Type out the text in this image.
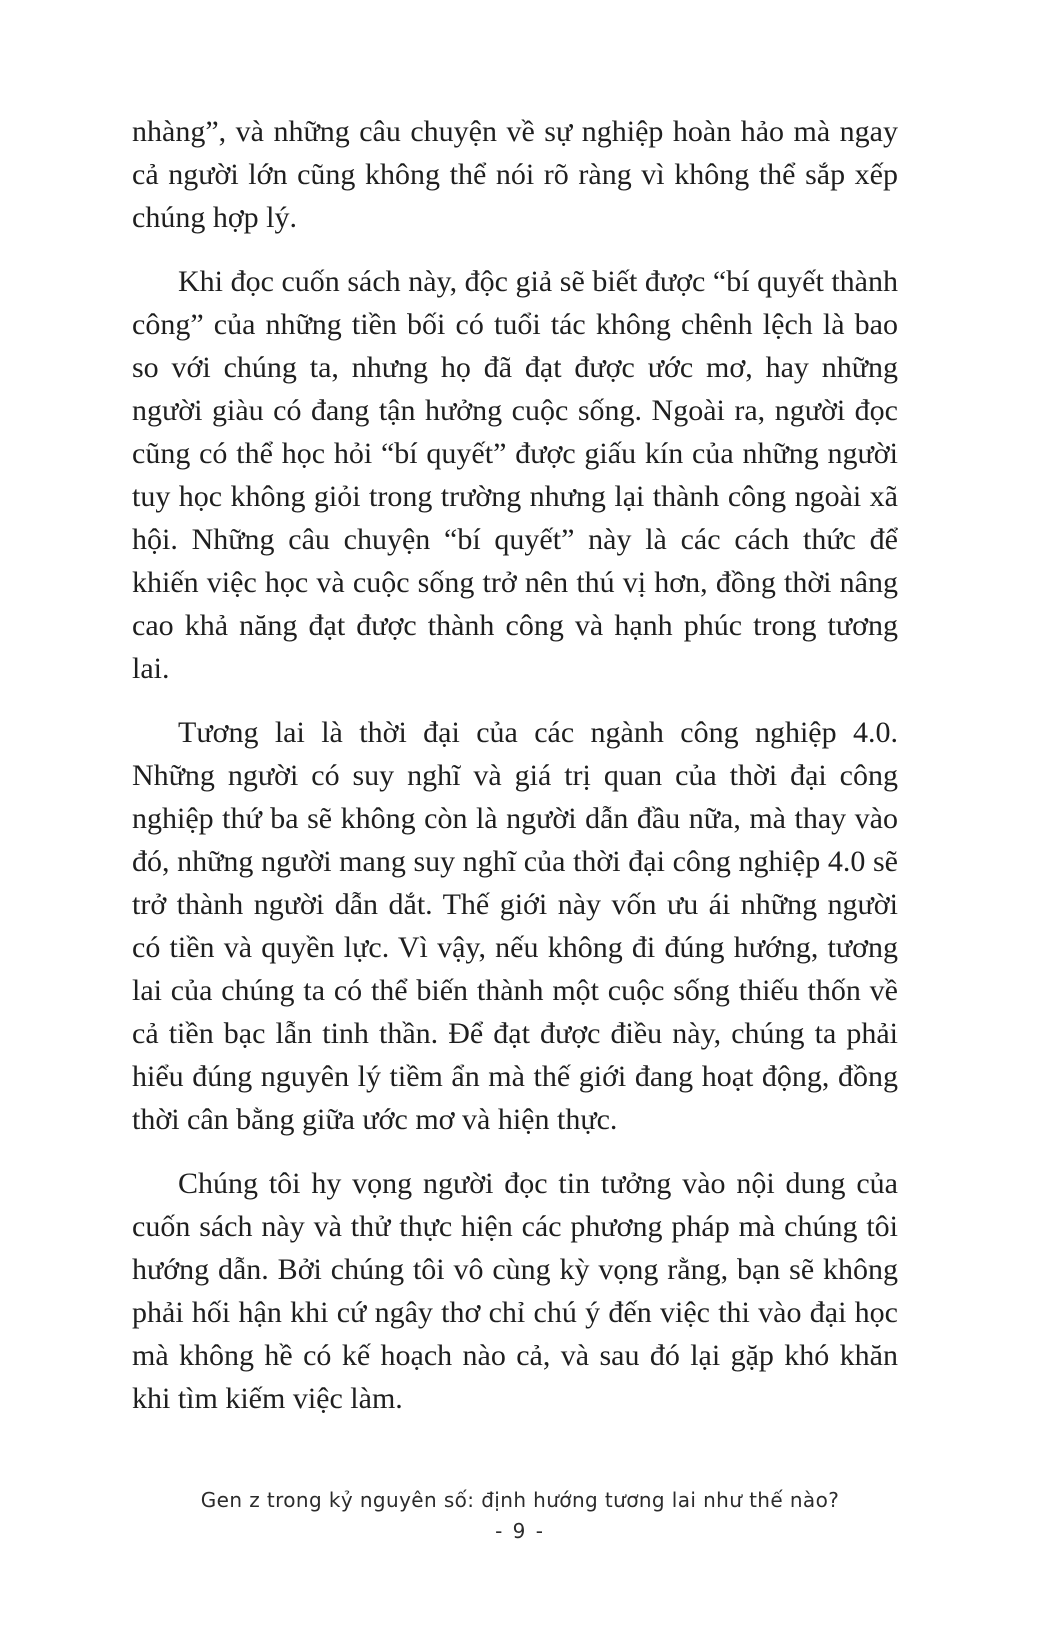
nhàng”, và những câu chuyện về sự nghiệp hoàn hảo mà ngay cả người lớn cũng không thể nói rõ ràng vì không thể sắp xếp chúng hợp lý.

Khi đọc cuốn sách này, độc giả sẽ biết được “bí quyết thành công” của những tiền bối có tuổi tác không chênh lệch là bao so với chúng ta, nhưng họ đã đạt được ước mơ, hay những người giàu có đang tận hưởng cuộc sống. Ngoài ra, người đọc cũng có thể học hỏi “bí quyết” được giấu kín của những người tuy học không giỏi trong trường nhưng lại thành công ngoài xã hội. Những câu chuyện “bí quyết” này là các cách thức để khiến việc học và cuộc sống trở nên thú vị hơn, đồng thời nâng cao khả năng đạt được thành công và hạnh phúc trong tương lai.

Tương lai là thời đại của các ngành công nghiệp 4.0. Những người có suy nghĩ và giá trị quan của thời đại công nghiệp thứ ba sẽ không còn là người dẫn đầu nữa, mà thay vào đó, những người mang suy nghĩ của thời đại công nghiệp 4.0 sẽ trở thành người dẫn dắt. Thế giới này vốn ưu ái những người có tiền và quyền lực. Vì vậy, nếu không đi đúng hướng, tương lai của chúng ta có thể biến thành một cuộc sống thiếu thốn về cả tiền bạc lẫn tinh thần. Để đạt được điều này, chúng ta phải hiểu đúng nguyên lý tiềm ẩn mà thế giới đang hoạt động, đồng thời cân bằng giữa ước mơ và hiện thực.

Chúng tôi hy vọng người đọc tin tưởng vào nội dung của cuốn sách này và thử thực hiện các phương pháp mà chúng tôi hướng dẫn. Bởi chúng tôi vô cùng kỳ vọng rằng, bạn sẽ không phải hối hận khi cứ ngây thơ chỉ chú ý đến việc thi vào đại học mà không hề có kế hoạch nào cả, và sau đó lại gặp khó khăn khi tìm kiếm việc làm.

Gen z trong kỷ nguyên số: định hướng tương lai như thế nào?
- 9 -
